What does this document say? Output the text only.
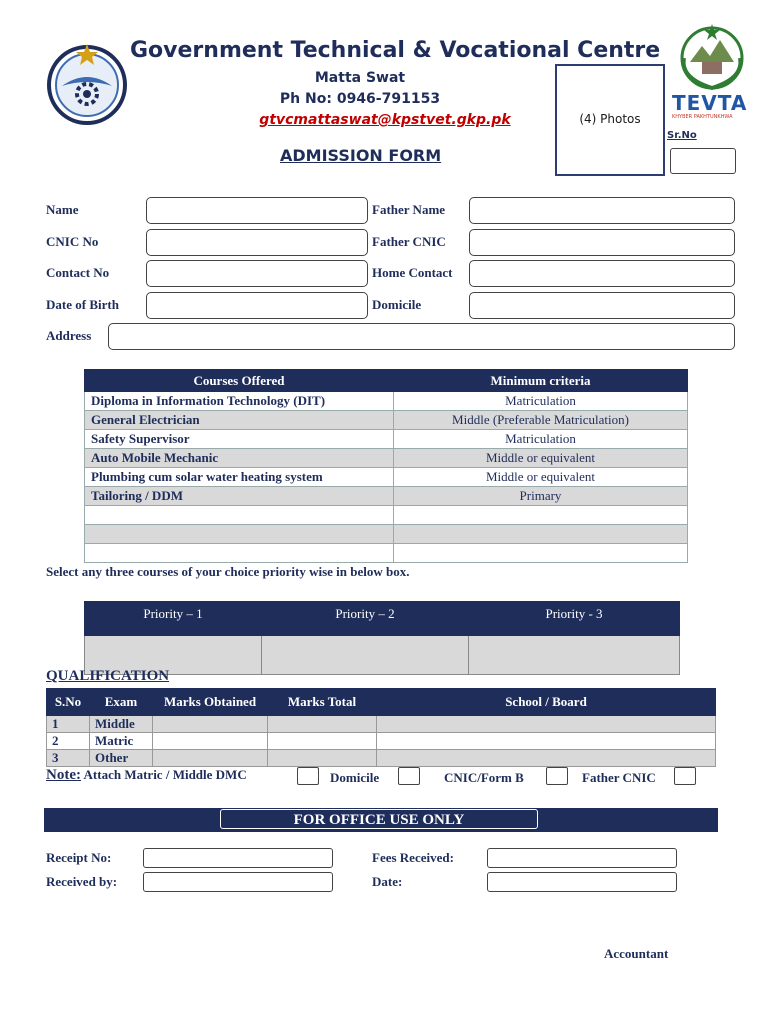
TEVTA
KHYBER PAKHTUNKHWA
Government Technical & Vocational Centre
Matta Swat
Ph No: 0946-791153
gtvcmattaswat@kpstvet.gkp.pk	(4) Photos
Sr.No
ADMISSION FORM
Name	Father Name
CNIC No	Father CNIC
Contact No	Home Contact
Date of Birth	Domicile
Address
Courses Offered	Minimum criteria
Diploma in Information Technology (DIT)	Matriculation
General Electrician	Middle (Preferable Matriculation)
Safety Supervisor	Matriculation
Auto Mobile Mechanic	Middle or equivalent
Plumbing cum solar water heating system	Middle or equivalent
Tailoring / DDM	Primary

Select any three courses of your choice priority wise in below box.
Priority – 1	Priority – 2	Priority - 3

QUALIFICATION
S.No	Exam	Marks Obtained	Marks Total	School / Board
1	Middle			
2	Matric			
3	Other			
Note: Attach Matric / Middle DMC	Domicile	CNIC/Form B	Father CNIC
FOR OFFICE USE ONLY
Receipt No:	Fees Received:
Received by:	Date:
Accountant
